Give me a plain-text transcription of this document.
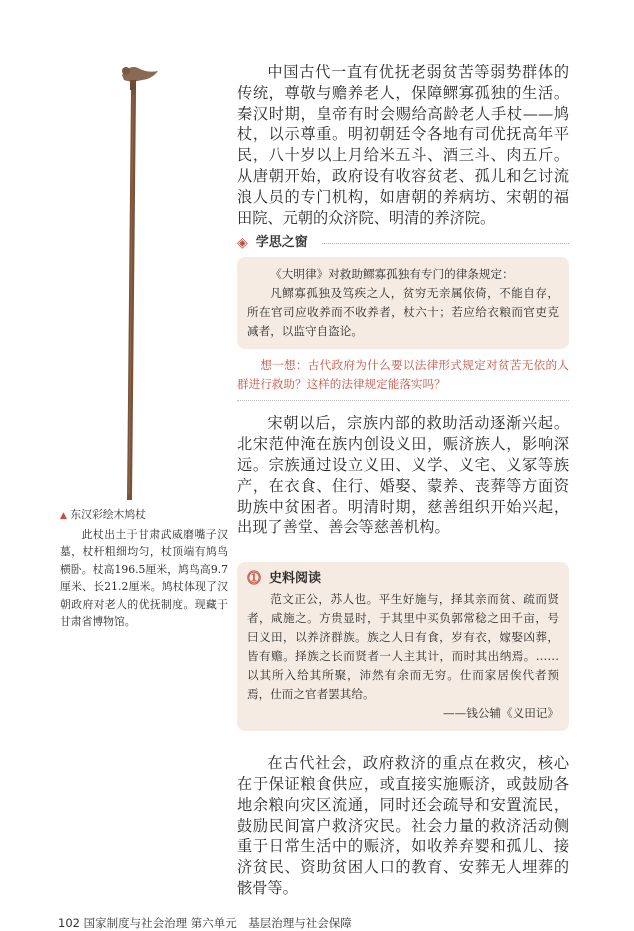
▲ 东汉彩绘木鸠杖

此杖出土于甘肃武威磨嘴子汉墓，杖杆粗细均匀，杖顶端有鸠鸟横卧。杖高196.5厘米，鸠鸟高9.7厘米、长21.2厘米。鸠杖体现了汉朝政府对老人的优抚制度。现藏于甘肃省博物馆。

中国古代一直有优抚老弱贫苦等弱势群体的传统，尊敬与赡养老人，保障鳏寡孤独的生活。秦汉时期，皇帝有时会赐给高龄老人手杖——鸠杖，以示尊重。明初朝廷令各地有司优抚高年平民，八十岁以上月给米五斗、酒三斗、肉五斤。从唐朝开始，政府设有收容贫老、孤儿和乞讨流浪人员的专门机构，如唐朝的养病坊、宋朝的福田院、元朝的众济院、明清的养济院。

◈ 学思之窗

《大明律》对救助鳏寡孤独有专门的律条规定：

凡鳏寡孤独及笃疾之人，贫穷无亲属依倚，不能自存，所在官司应收养而不收养者，杖六十；若应给衣粮而官吏克减者，以监守自盗论。

想一想：古代政府为什么要以法律形式规定对贫苦无依的人群进行救助？这样的法律规定能落实吗？

宋朝以后，宗族内部的救助活动逐渐兴起。北宋范仲淹在族内创设义田，赈济族人，影响深远。宗族通过设立义田、义学、义宅、义冢等族产，在衣食、住行、婚娶、蒙养、丧葬等方面资助族中贫困者。明清时期，慈善组织开始兴起，出现了善堂、善会等慈善机构。

⓵ 史料阅读

范文正公，苏人也。平生好施与，择其亲而贫、疏而贤者，咸施之。方贵显时，于其里中买负郭常稔之田千亩，号曰义田，以养济群族。族之人日有食，岁有衣，嫁娶凶葬，皆有赡。择族之长而贤者一人主其计，而时其出纳焉。……以其所入给其所聚，沛然有余而无穷。仕而家居俟代者预焉，仕而之官者罢其给。

——钱公辅《义田记》

在古代社会，政府救济的重点在救灾，核心在于保证粮食供应，或直接实施赈济，或鼓励各地余粮向灾区流通，同时还会疏导和安置流民，鼓励民间富户救济灾民。社会力量的救济活动侧重于日常生活中的赈济，如收养弃婴和孤儿、接济贫民、资助贫困人口的教育、安葬无人埋葬的骸骨等。

102 国家制度与社会治理 第六单元　基层治理与社会保障
